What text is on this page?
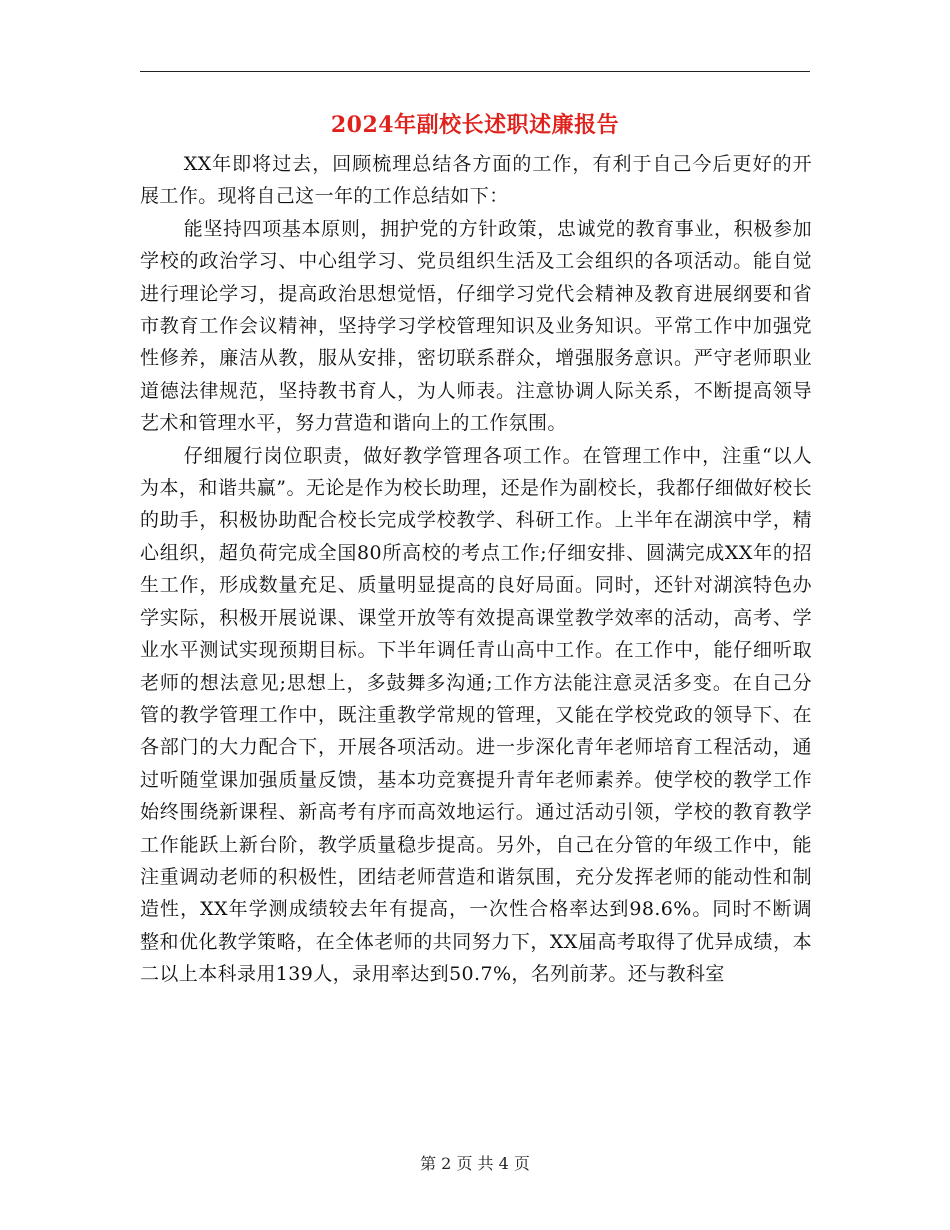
2024年副校长述职述廉报告

XX年即将过去，回顾梳理总结各方面的工作，有利于自己今后更好的开展工作。现将自己这一年的工作总结如下：

能坚持四项基本原则，拥护党的方针政策，忠诚党的教育事业，积极参加学校的政治学习、中心组学习、党员组织生活及工会组织的各项活动。能自觉进行理论学习，提高政治思想觉悟，仔细学习党代会精神及教育进展纲要和省市教育工作会议精神，坚持学习学校管理知识及业务知识。平常工作中加强党性修养，廉洁从教，服从安排，密切联系群众，增强服务意识。严守老师职业道德法律规范，坚持教书育人，为人师表。注意协调人际关系，不断提高领导艺术和管理水平，努力营造和谐向上的工作氛围。

仔细履行岗位职责，做好教学管理各项工作。在管理工作中，注重“以人为本，和谐共赢”。无论是作为校长助理，还是作为副校长，我都仔细做好校长的助手，积极协助配合校长完成学校教学、科研工作。上半年在湖滨中学，精心组织，超负荷完成全国80所高校的考点工作;仔细安排、圆满完成XX年的招生工作，形成数量充足、质量明显提高的良好局面。同时，还针对湖滨特色办学实际，积极开展说课、课堂开放等有效提高课堂教学效率的活动，高考、学业水平测试实现预期目标。下半年调任青山高中工作。在工作中，能仔细听取老师的想法意见;思想上，多鼓舞多沟通;工作方法能注意灵活多变。在自己分管的教学管理工作中，既注重教学常规的管理，又能在学校党政的领导下、在各部门的大力配合下，开展各项活动。进一步深化青年老师培育工程活动，通过听随堂课加强质量反馈，基本功竞赛提升青年老师素养。使学校的教学工作始终围绕新课程、新高考有序而高效地运行。通过活动引领，学校的教育教学工作能跃上新台阶，教学质量稳步提高。另外，自己在分管的年级工作中，能注重调动老师的积极性，团结老师营造和谐氛围，充分发挥老师的能动性和制造性，XX年学测成绩较去年有提高，一次性合格率达到98.6%。同时不断调整和优化教学策略，在全体老师的共同努力下，XX届高考取得了优异成绩，本二以上本科录用139人，录用率达到50.7%，名列前茅。还与教科室

第 2 页 共 4 页
